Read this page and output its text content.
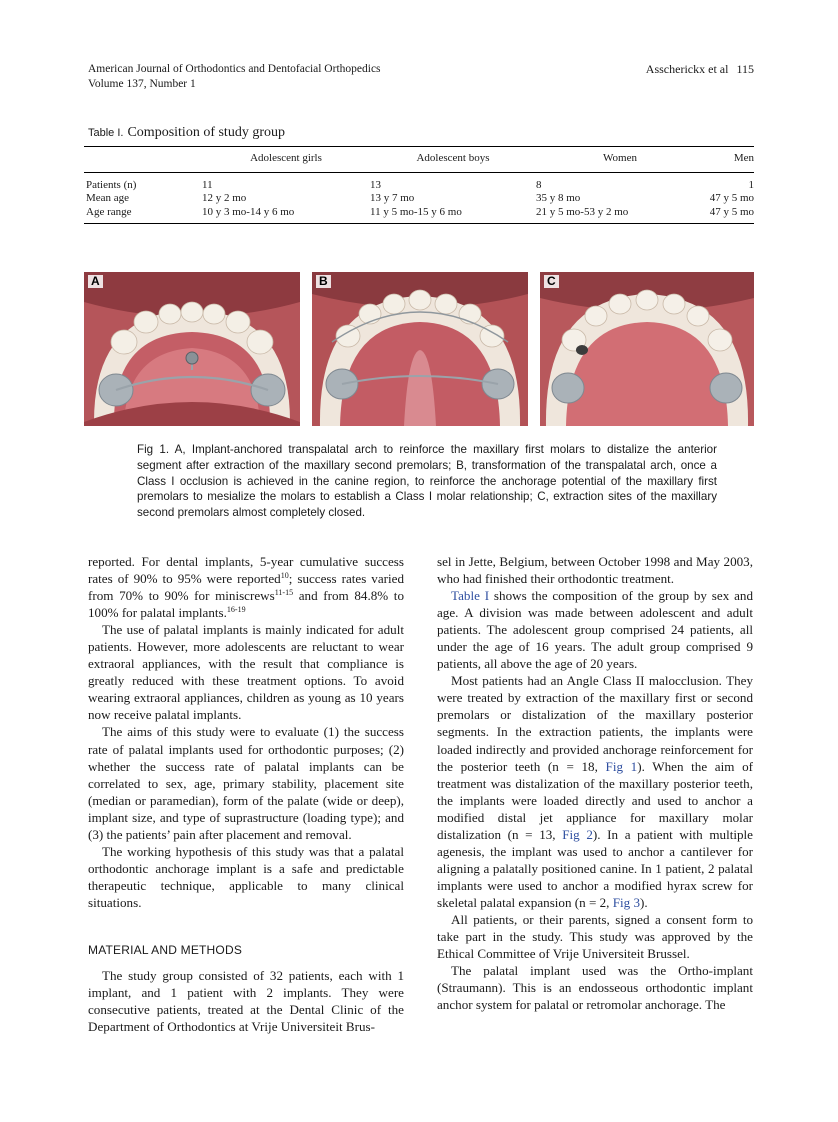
American Journal of Orthodontics and Dentofacial Orthopedics
Volume 137, Number 1
Asscherickx et al 115
Table I. Composition of study group
	Adolescent girls	Adolescent boys	Women	Men
Patients (n)	11	13	8	1
Mean age	12 y 2 mo	13 y 7 mo	35 y 8 mo	47 y 5 mo
Age range	10 y 3 mo-14 y 6 mo	11 y 5 mo-15 y 6 mo	21 y 5 mo-53 y 2 mo	47 y 5 mo
A	B	C
Fig 1. A, Implant-anchored transpalatal arch to reinforce the maxillary first molars to distalize the anterior segment after extraction of the maxillary second premolars; B, transformation of the transpalatal arch, once a Class I occlusion is achieved in the canine region, to reinforce the anchorage potential of the maxillary first premolars to mesialize the molars to establish a Class I molar relationship; C, extraction sites of the maxillary second premolars almost completely closed.

reported. For dental implants, 5-year cumulative success rates of 90% to 95% were reported$^{10}$; success rates varied from 70% to 90% for miniscrews$^{11-15}$ and from 84.8% to 100% for palatal implants.$^{16-19}$

The use of palatal implants is mainly indicated for adult patients. However, more adolescents are reluctant to wear extraoral appliances, with the result that compliance is greatly reduced with these treatment options. To avoid wearing extraoral appliances, children as young as 10 years now receive palatal implants.

The aims of this study were to evaluate (1) the success rate of palatal implants used for orthodontic purposes; (2) whether the success rate of palatal implants can be correlated to sex, age, primary stability, placement site (median or paramedian), form of the palate (wide or deep), implant size, and type of suprastructure (loading type); and (3) the patients’ pain after placement and removal.

The working hypothesis of this study was that a palatal orthodontic anchorage implant is a safe and predictable therapeutic technique, applicable to many clinical situations.

MATERIAL AND METHODS

The study group consisted of 32 patients, each with 1 implant, and 1 patient with 2 implants. They were consecutive patients, treated at the Dental Clinic of the Department of Orthodontics at Vrije Universiteit Brus-

sel in Jette, Belgium, between October 1998 and May 2003, who had finished their orthodontic treatment.

Table I shows the composition of the group by sex and age. A division was made between adolescent and adult patients. The adolescent group comprised 24 patients, all under the age of 16 years. The adult group comprised 9 patients, all above the age of 20 years.

Most patients had an Angle Class II malocclusion. They were treated by extraction of the maxillary first or second premolars or distalization of the maxillary posterior segments. In the extraction patients, the implants were loaded indirectly and provided anchorage reinforcement for the posterior teeth (n = 18, Fig 1). When the aim of treatment was distalization of the maxillary posterior teeth, the implants were loaded directly and used to anchor a modified distal jet appliance for maxillary molar distalization (n = 13, Fig 2). In a patient with multiple agenesis, the implant was used to anchor a cantilever for aligning a palatally positioned canine. In 1 patient, 2 palatal implants were used to anchor a modified hyrax screw for skeletal palatal expansion (n = 2, Fig 3).

All patients, or their parents, signed a consent form to take part in the study. This study was approved by the Ethical Committee of Vrije Universiteit Brussel.

The palatal implant used was the Ortho-implant (Straumann). This is an endosseous orthodontic implant anchor system for palatal or retromolar anchorage. The
